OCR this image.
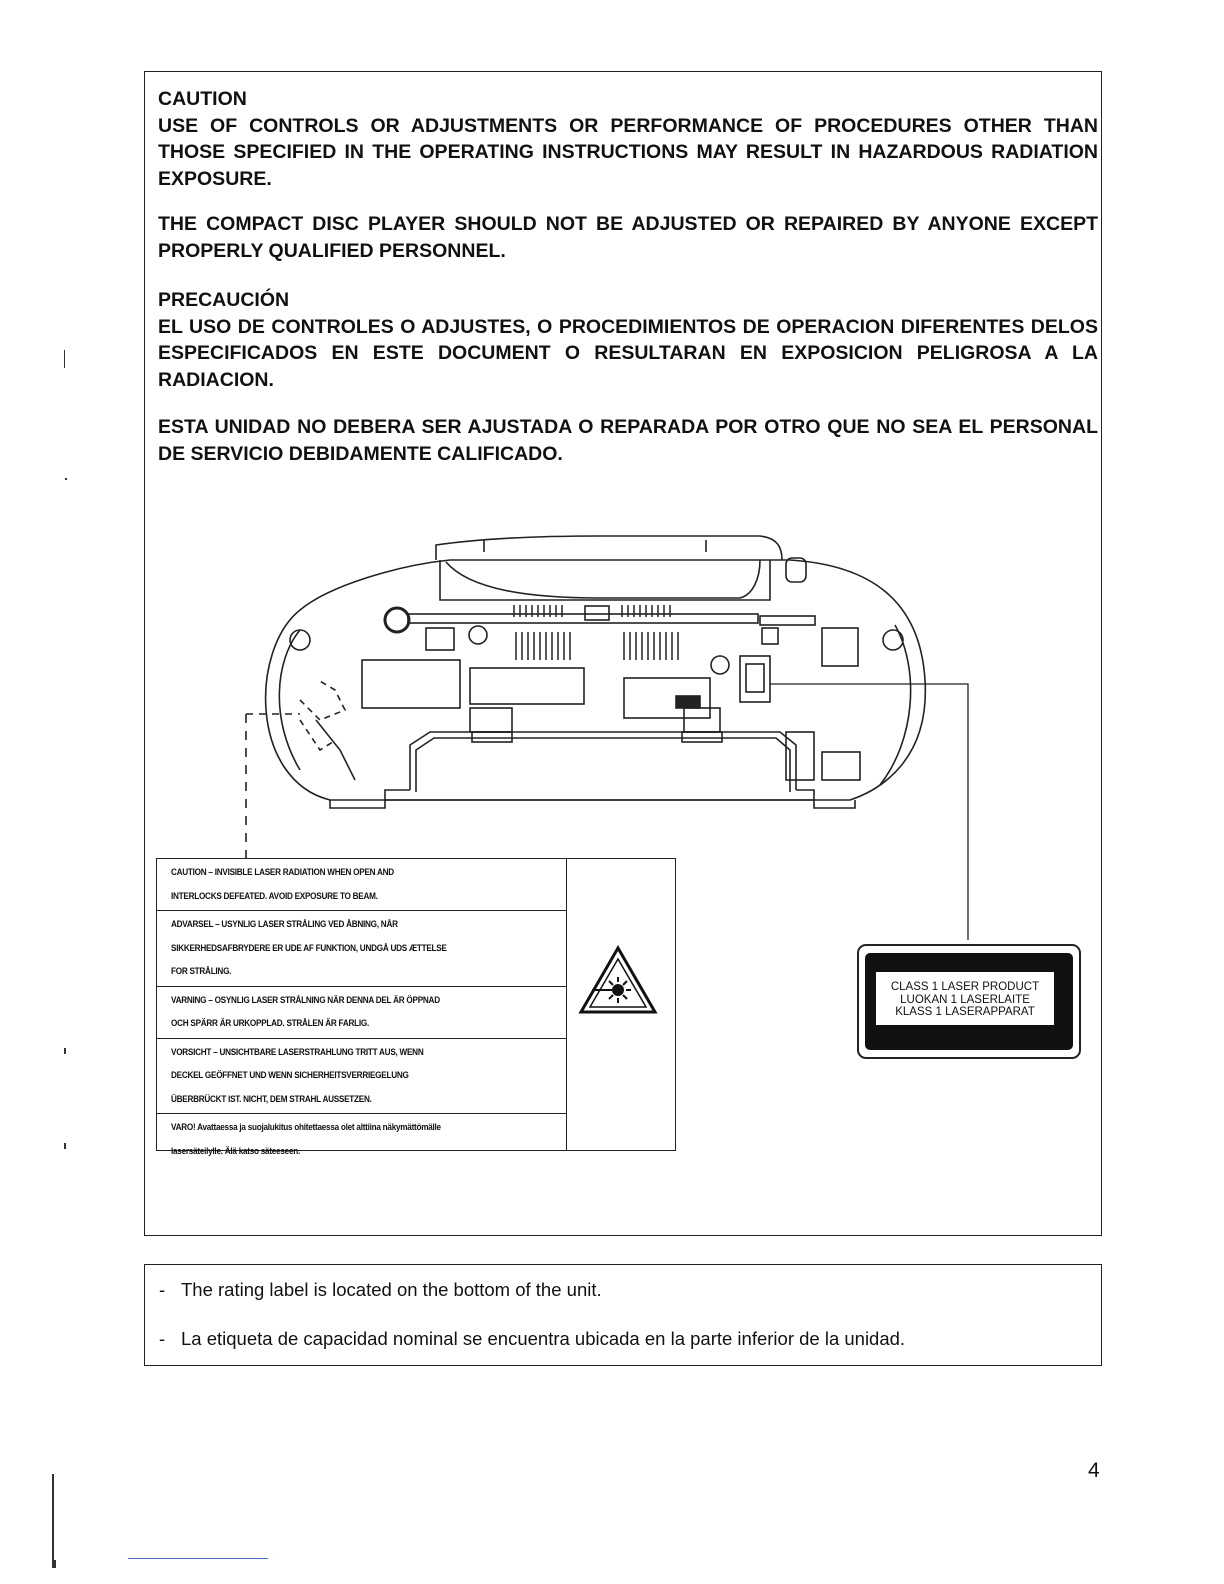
CAUTION
USE OF CONTROLS OR ADJUSTMENTS OR PERFORMANCE OF PROCEDURES OTHER THAN THOSE SPECIFIED IN THE OPERATING INSTRUCTIONS MAY RESULT IN HAZARDOUS RADIATION EXPOSURE.
THE COMPACT DISC PLAYER SHOULD NOT BE ADJUSTED OR REPAIRED BY ANYONE EXCEPT PROPERLY QUALIFIED PERSONNEL.
PRECAUCIÓN
EL USO DE CONTROLES O ADJUSTES, O PROCEDIMIENTOS DE OPERACION DIFERENTES DELOS ESPECIFICADOS EN ESTE DOCUMENT O RESULTARAN EN EXPOSICION PELIGROSA A LA RADIACION.
ESTA UNIDAD NO DEBERA SER AJUSTADA O REPARADA POR OTRO QUE NO SEA EL PERSONAL DE SERVICIO DEBIDAMENTE CALIFICADO.
CAUTION – INVISIBLE LASER RADIATION WHEN OPEN AND
INTERLOCKS DEFEATED. AVOID EXPOSURE TO BEAM.
ADVARSEL – USYNLIG LASER STRÅLING VED ÅBNING, NÅR
SIKKERHEDSAFBRYDERE ER UDE AF FUNKTION, UNDGÅ UDS ÆTTELSE
FOR STRÅLING.
VARNING – OSYNLIG LASER STRÅLNING NÄR DENNA DEL ÄR ÖPPNAD
OCH SPÄRR ÄR URKOPPLAD. STRÅLEN ÄR FARLIG.
VORSICHT – UNSICHTBARE LASERSTRAHLUNG TRITT AUS, WENN
DECKEL GEÖFFNET UND WENN SICHERHEITSVERRIEGELUNG
ÜBERBRÜCKT IST. NICHT, DEM STRAHL AUSSETZEN.
VARO! Avattaessa ja suojalukitus ohitettaessa olet alttiina näkymättömälle
lasersäteilylle. Älä katso säteeseen.
CLASS 1 LASER PRODUCT
LUOKAN 1 LASERLAITE
KLASS 1 LASERAPPARAT
- The rating label is located on the bottom of the unit.
- La etiqueta de capacidad nominal se encuentra ubicada en la parte inferior de la unidad.
4
